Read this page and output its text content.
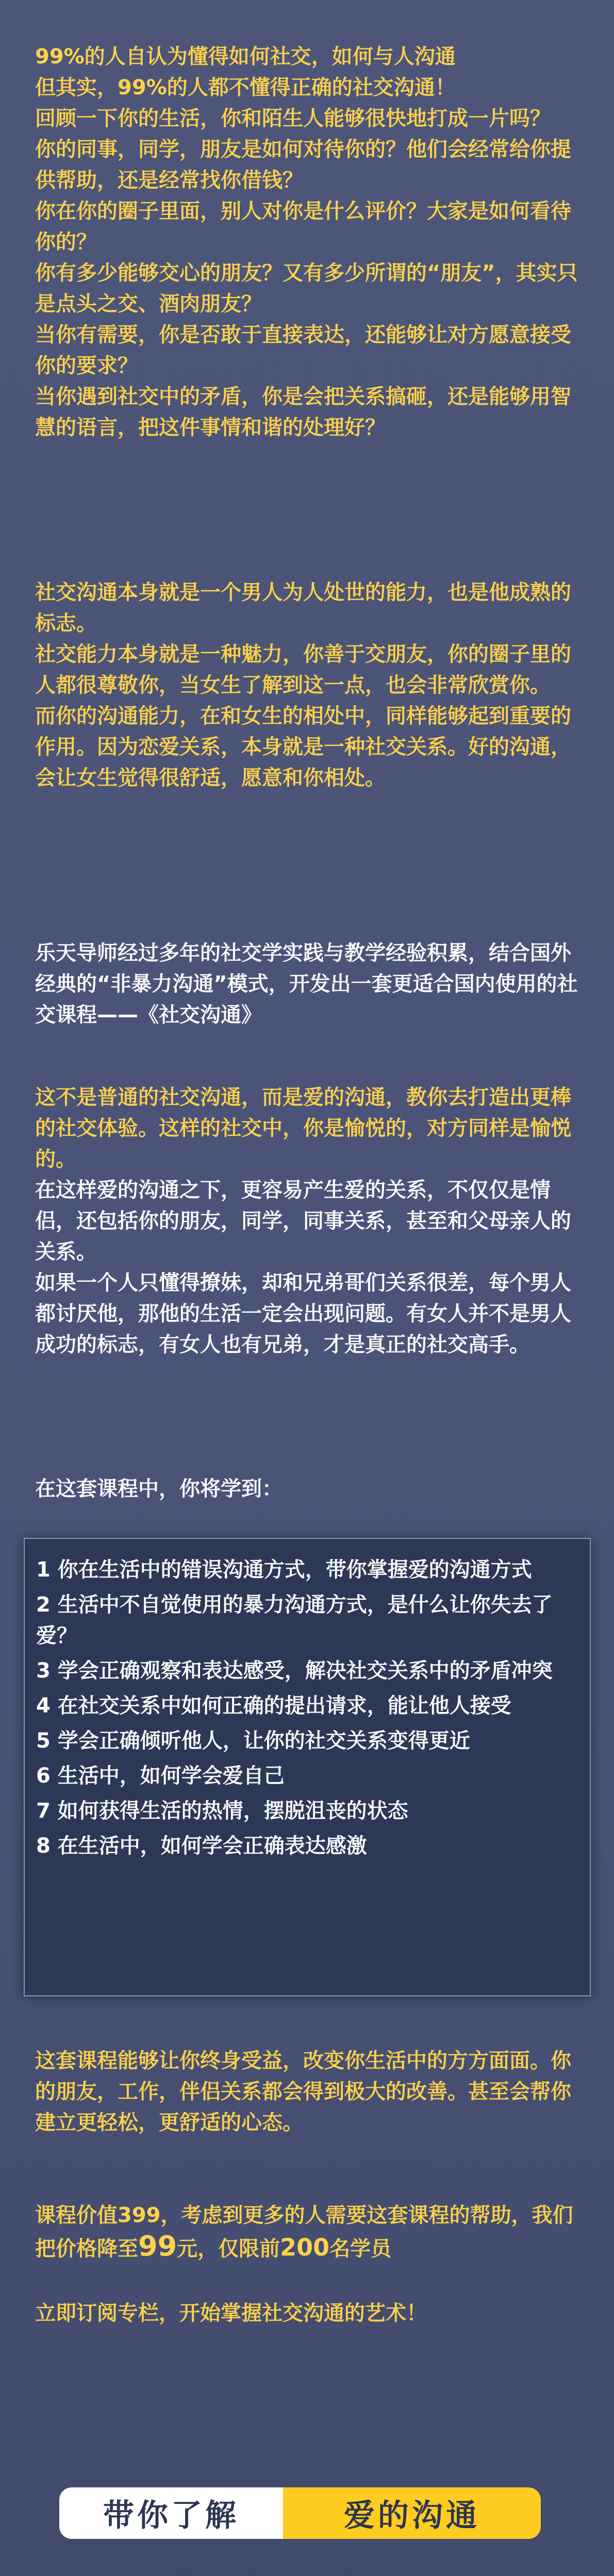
99%的人自认为懂得如何社交，如何与人沟通

但其实，99%的人都不懂得正确的社交沟通！

回顾一下你的生活，你和陌生人能够很快地打成一片吗？

你的同事，同学，朋友是如何对待你的？他们会经常给你提供帮助，还是经常找你借钱？

你在你的圈子里面，别人对你是什么评价？大家是如何看待你的？

你有多少能够交心的朋友？又有多少所谓的“朋友”，其实只是点头之交、酒肉朋友？

当你有需要，你是否敢于直接表达，还能够让对方愿意接受你的要求？

当你遇到社交中的矛盾，你是会把关系搞砸，还是能够用智慧的语言，把这件事情和谐的处理好？

社交沟通本身就是一个男人为人处世的能力，也是他成熟的标志。

社交能力本身就是一种魅力，你善于交朋友，你的圈子里的人都很尊敬你，当女生了解到这一点，也会非常欣赏你。

而你的沟通能力，在和女生的相处中，同样能够起到重要的作用。因为恋爱关系，本身就是一种社交关系。好的沟通，会让女生觉得很舒适，愿意和你相处。

乐天导师经过多年的社交学实践与教学经验积累，结合国外经典的“非暴力沟通”模式，开发出一套更适合国内使用的社交课程——《社交沟通》

这不是普通的社交沟通，而是爱的沟通，教你去打造出更棒的社交体验。这样的社交中，你是愉悦的，对方同样是愉悦的。

在这样爱的沟通之下，更容易产生爱的关系，不仅仅是情侣，还包括你的朋友，同学，同事关系，甚至和父母亲人的关系。

如果一个人只懂得撩妹，却和兄弟哥们关系很差，每个男人都讨厌他，那他的生活一定会出现问题。有女人并不是男人成功的标志，有女人也有兄弟，才是真正的社交高手。

在这套课程中，你将学到：

1 你在生活中的错误沟通方式，带你掌握爱的沟通方式
2 生活中不自觉使用的暴力沟通方式，是什么让你失去了爱？
3 学会正确观察和表达感受，解决社交关系中的矛盾冲突
4 在社交关系中如何正确的提出请求，能让他人接受
5 学会正确倾听他人，让你的社交关系变得更近
6 生活中，如何学会爱自己
7 如何获得生活的热情，摆脱沮丧的状态
8 在生活中，如何学会正确表达感激

这套课程能够让你终身受益，改变你生活中的方方面面。你的朋友，工作，伴侣关系都会得到极大的改善。甚至会帮你建立更轻松，更舒适的心态。

课程价值399，考虑到更多的人需要这套课程的帮助，我们把价格降至99元，仅限前200名学员

立即订阅专栏，开始掌握社交沟通的艺术！

带你了解	爱的沟通
